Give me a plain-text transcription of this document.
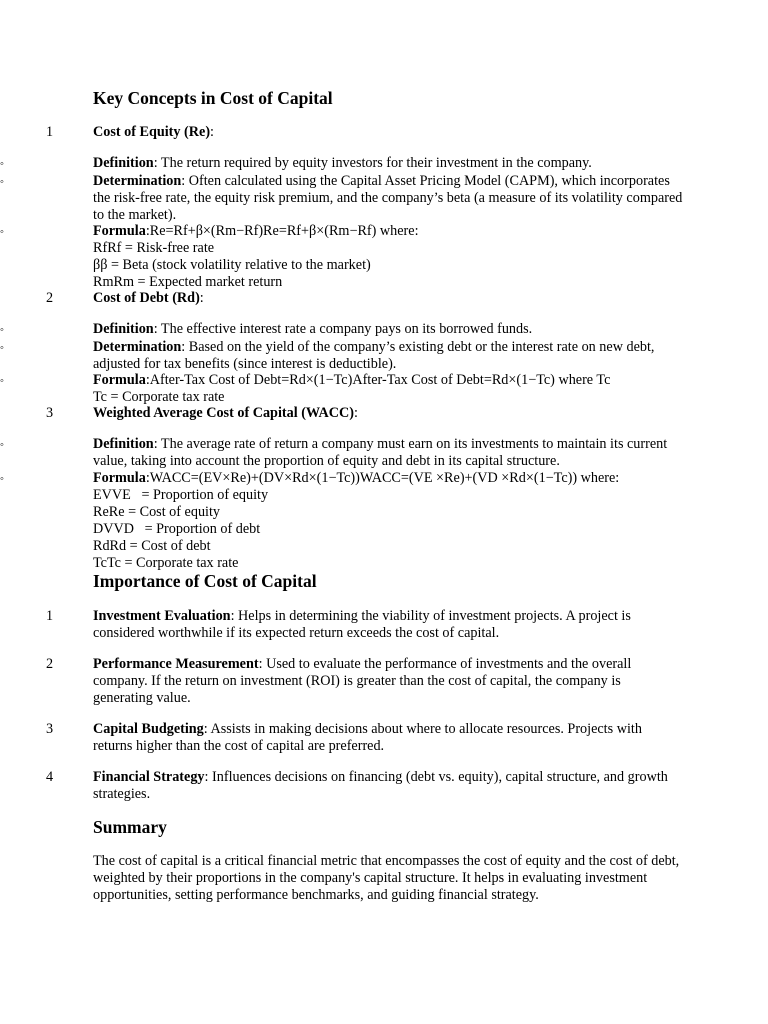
Key Concepts in Cost of Capital
1	Cost of Equity (Re):
◦	Definition: The return required by equity investors for their investment in the company.
◦	Determination: Often calculated using the Capital Asset Pricing Model (CAPM), which incorporates the risk-free rate, the equity risk premium, and the company’s beta (a measure of its volatility compared to the market).
◦	Formula:Re=Rf+β×(Rm−Rf)Re=Rf+β×(Rm−Rf) where:
RfRf = Risk-free rate
ββ = Beta (stock volatility relative to the market)
RmRm = Expected market return
2	Cost of Debt (Rd):
◦	Definition: The effective interest rate a company pays on its borrowed funds.
◦	Determination: Based on the yield of the company’s existing debt or the interest rate on new debt, adjusted for tax benefits (since interest is deductible).
◦	Formula:After-Tax Cost of Debt=Rd×(1−Tc)After-Tax Cost of Debt=Rd×(1−Tc) where Tc
Tc = Corporate tax rate
3	Weighted Average Cost of Capital (WACC):
◦	Definition: The average rate of return a company must earn on its investments to maintain its current value, taking into account the proportion of equity and debt in its capital structure.
◦	Formula:WACC=(EV×Re)+(DV×Rd×(1−Tc))WACC=(VE ×Re)+(VD ×Rd×(1−Tc)) where:
EVVE   = Proportion of equity
ReRe = Cost of equity
DVVD   = Proportion of debt
RdRd = Cost of debt
TcTc = Corporate tax rate
Importance of Cost of Capital
1	Investment Evaluation: Helps in determining the viability of investment projects. A project is considered worthwhile if its expected return exceeds the cost of capital.
2	Performance Measurement: Used to evaluate the performance of investments and the overall company. If the return on investment (ROI) is greater than the cost of capital, the company is generating value.
3	Capital Budgeting: Assists in making decisions about where to allocate resources. Projects with returns higher than the cost of capital are preferred.
4	Financial Strategy: Influences decisions on financing (debt vs. equity), capital structure, and growth strategies.
Summary
The cost of capital is a critical financial metric that encompasses the cost of equity and the cost of debt, weighted by their proportions in the company's capital structure. It helps in evaluating investment opportunities, setting performance benchmarks, and guiding financial strategy.
